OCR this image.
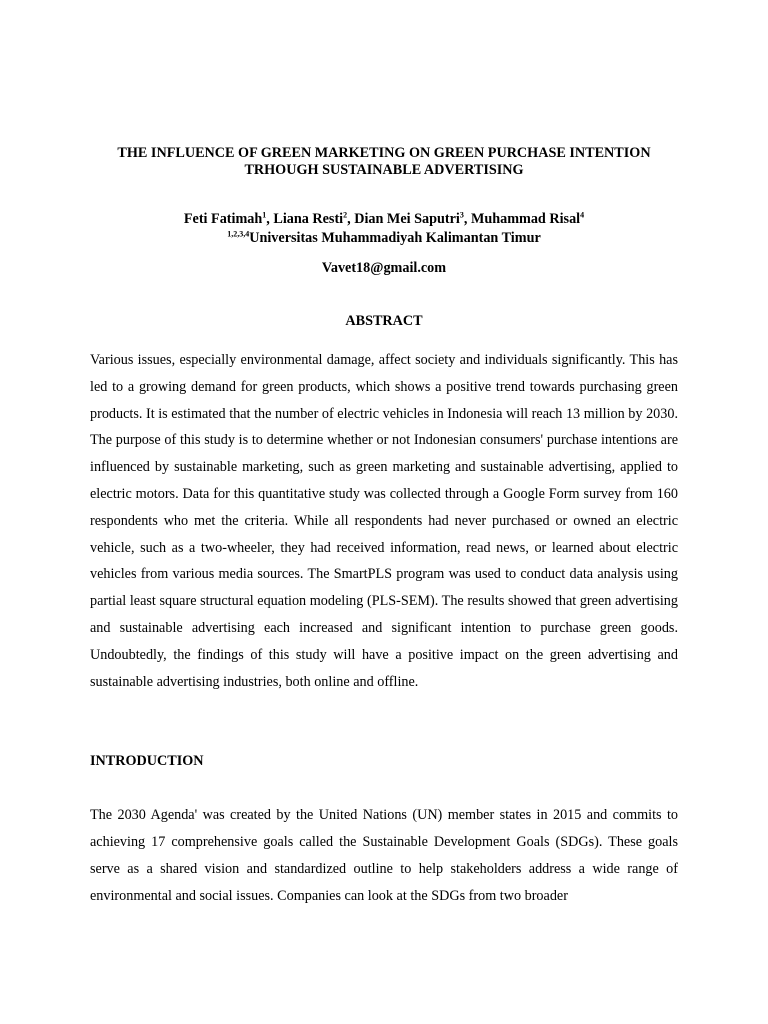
THE INFLUENCE OF GREEN MARKETING ON GREEN PURCHASE INTENTION
TRHOUGH SUSTAINABLE ADVERTISING
Feti Fatimah$^1$, Liana Resti$^2$, Dian Mei Saputri$^3$, Muhammad Risal$^4$
$^{1,2,3,4}$Universitas Muhammadiyah Kalimantan Timur
Vavet18@gmail.com
ABSTRACT

Various issues, especially environmental damage, affect society and individuals significantly. This has led to a growing demand for green products, which shows a positive trend towards purchasing green products. It is estimated that the number of electric vehicles in Indonesia will reach 13 million by 2030. The purpose of this study is to determine whether or not Indonesian consumers' purchase intentions are influenced by sustainable marketing, such as green marketing and sustainable advertising, applied to electric motors. Data for this quantitative study was collected through a Google Form survey from 160 respondents who met the criteria. While all respondents had never purchased or owned an electric vehicle, such as a two-wheeler, they had received information, read news, or learned about electric vehicles from various media sources. The SmartPLS program was used to conduct data analysis using partial least square structural equation modeling (PLS-SEM). The results showed that green advertising and sustainable advertising each increased and significant intention to purchase green goods. Undoubtedly, the findings of this study will have a positive impact on the green advertising and sustainable advertising industries, both online and offline.

INTRODUCTION

The 2030 Agenda' was created by the United Nations (UN) member states in 2015 and commits to achieving 17 comprehensive goals called the Sustainable Development Goals (SDGs). These goals serve as a shared vision and standardized outline to help stakeholders address a wide range of environmental and social issues. Companies can look at the SDGs from two broader
